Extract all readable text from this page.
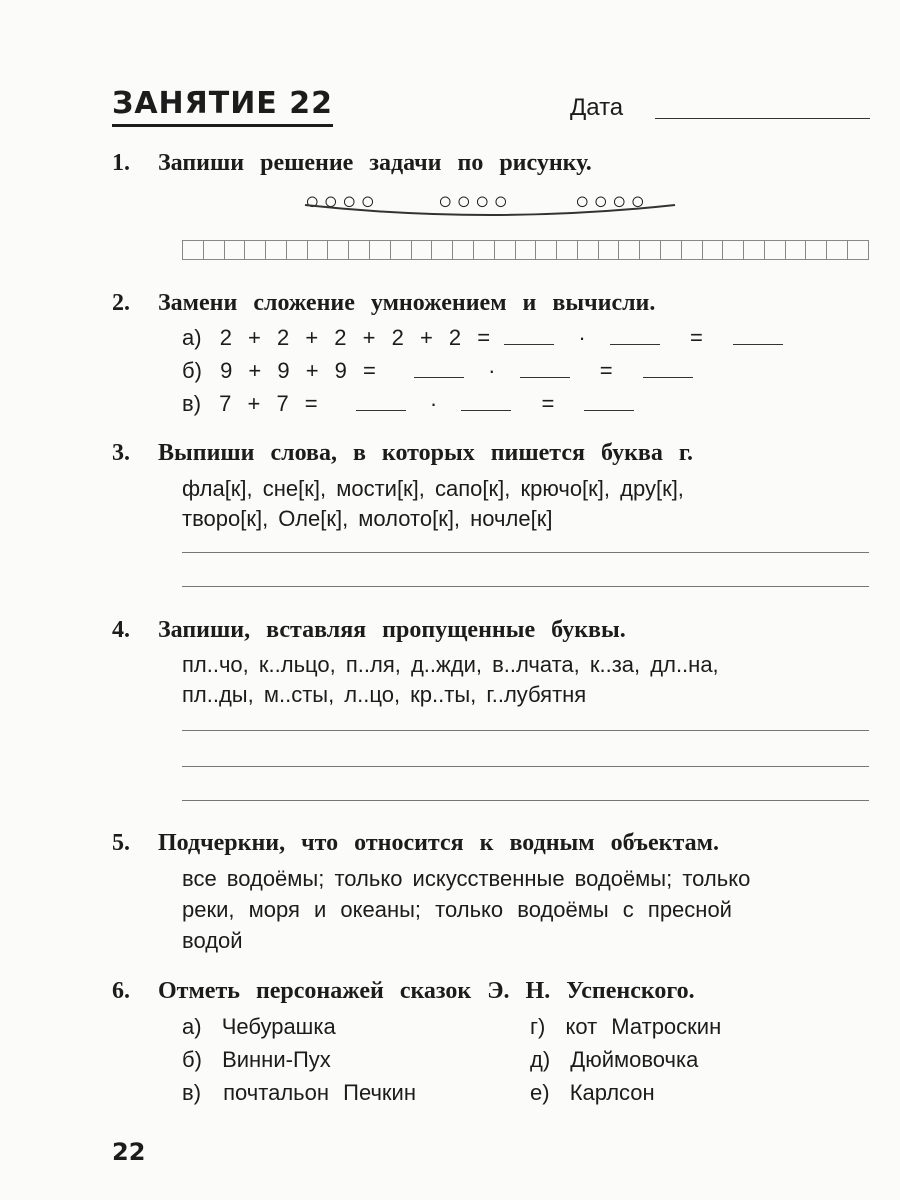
ЗАНЯТИЕ 22	Дата
1. Запиши решение задачи по рисунку.
○○○○ ○○○○	○○○○
2. Замени сложение умножением и вычисли.
а) 2 + 2 + 2 + 2 + 2 =	·	=
б) 9 + 9 + 9 =	·	=
в) 7 + 7 =	·	=
3. Выпиши слова, в которых пишется буква г.
фла[к], сне[к], мости[к], сапо[к], крючо[к], дру[к],
творо[к], Оле[к], молото[к], ночле[к]
4. Запиши, вставляя пропущенные буквы.
пл..чо, к..льцо, п..ля, д..жди, в..лчата, к..за, дл..на,
пл..ды, м..сты, л..цо, кр..ты, г..лубятня
5. Подчеркни, что относится к водным объектам.
все водоёмы; только искусственные водоёмы; только
реки, моря и океаны; только водоёмы с пресной
водой
6. Отметь персонажей сказок Э. Н. Успенского.
а) Чебурашка
б) Винни-Пух
в) почтальон Печкин
г) кот Матроскин
д) Дюймовочка
е) Карлсон
22
